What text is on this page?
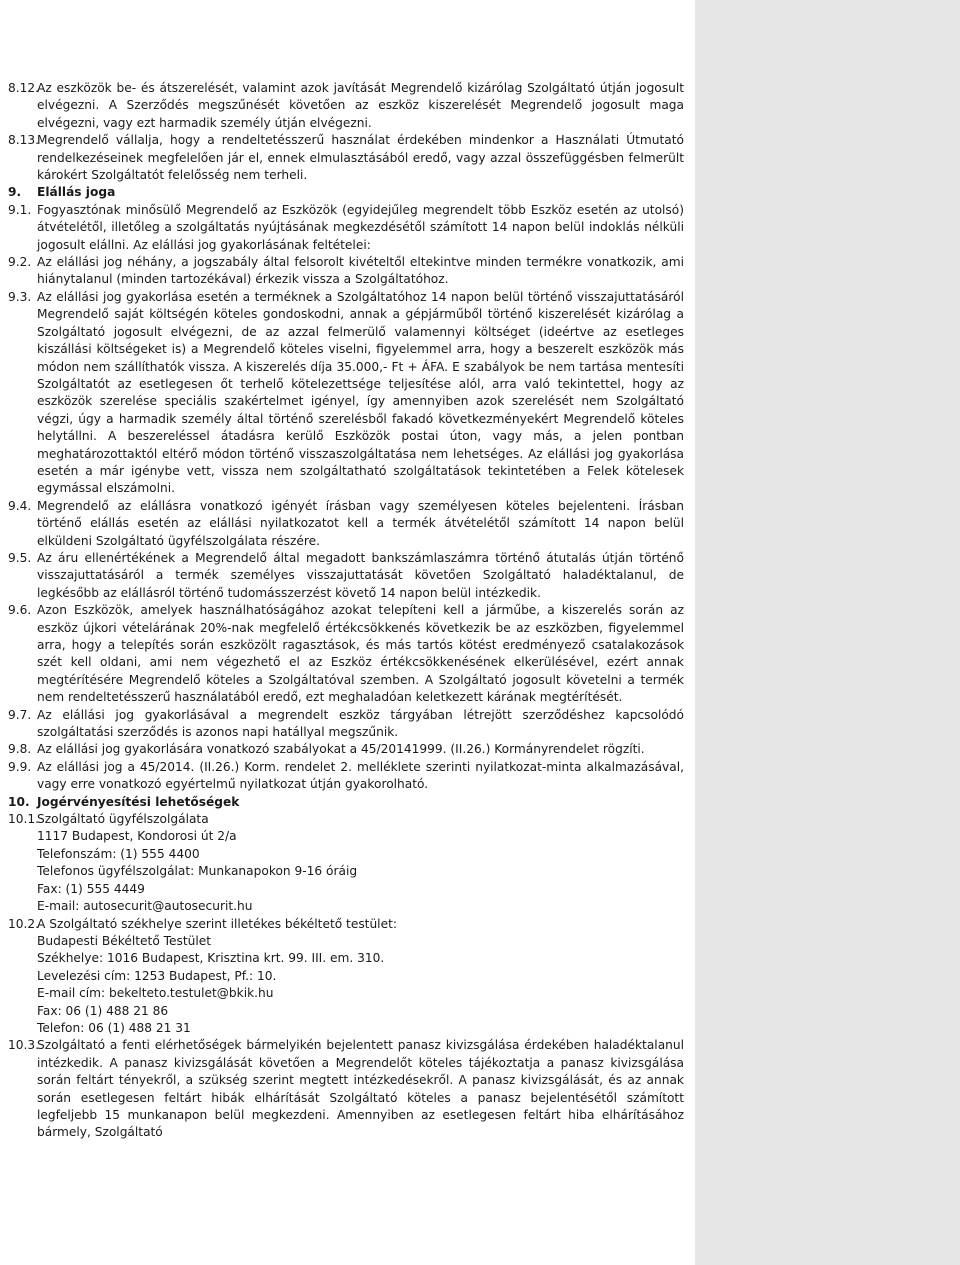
8.12.
Az eszközök be- és átszerelését, valamint azok javítását Megrendelő kizárólag Szolgáltató útján jogosult elvégezni. A Szerződés megszűnését követően az eszköz kiszerelését Megrendelő jogosult maga elvégezni, vagy ezt harmadik személy útján elvégezni.
8.13.
Megrendelő vállalja, hogy a rendeltetésszerű használat érdekében mindenkor a Használati Útmutató rendelkezéseinek megfelelően jár el, ennek elmulasztásából eredő, vagy azzal összefüggésben felmerült károkért Szolgáltatót felelősség nem terheli.
9.	Elállás joga
9.1. Fogyasztónak minősülő Megrendelő az Eszközök (egyidejűleg megrendelt több Eszköz esetén az utolsó) átvételétől, illetőleg a szolgáltatás nyújtásának megkezdésétől számított 14 napon belül indoklás nélküli jogosult elállni. Az elállási jog gyakorlásának feltételei:
9.2. Az elállási jog néhány, a jogszabály által felsorolt kivételtől eltekintve minden termékre vonatkozik, ami hiánytalanul (minden tartozékával) érkezik vissza a Szolgáltatóhoz.
9.3. Az elállási jog gyakorlása esetén a terméknek a Szolgáltatóhoz 14 napon belül történő visszajuttatásáról Megrendelő saját költségén köteles gondoskodni, annak a gépjárműből történő kiszerelését kizárólag a Szolgáltató jogosult elvégezni, de az azzal felmerülő valamennyi költséget (ideértve az esetleges kiszállási költségeket is) a Megrendelő köteles viselni, figyelemmel arra, hogy a beszerelt eszközök más módon nem szállíthatók vissza. A kiszerelés díja 35.000,- Ft + ÁFA. E szabályok be nem tartása mentesíti Szolgáltatót az esetlegesen őt terhelő kötelezettsége teljesítése alól, arra való tekintettel, hogy az eszközök szerelése speciális szakértelmet igényel, így amennyiben azok szerelését nem Szolgáltató végzi, úgy a harmadik személy által történő szerelésből fakadó következményekért Megrendelő köteles helytállni. A beszereléssel átadásra kerülő Eszközök postai úton, vagy más, a jelen pontban meghatározottaktól eltérő módon történő visszaszolgáltatása nem lehetséges. Az elállási jog gyakorlása esetén a már igénybe vett, vissza nem szolgáltatható szolgáltatások tekintetében a Felek kötelesek egymással elszámolni.
9.4. Megrendelő az elállásra vonatkozó igényét írásban vagy személyesen köteles bejelenteni. Írásban történő elállás esetén az elállási nyilatkozatot kell a termék átvételétől számított 14 napon belül elküldeni Szolgáltató ügyfélszolgálata részére.
9.5. Az áru ellenértékének a Megrendelő által megadott bankszámlaszámra történő átutalás útján történő visszajuttatásáról a termék személyes visszajuttatását követően Szolgáltató haladéktalanul, de legkésőbb az elállásról történő tudomásszerzést követő 14 napon belül intézkedik.
9.6. Azon Eszközök, amelyek használhatóságához azokat telepíteni kell a járműbe, a kiszerelés során az eszköz újkori vételárának 20%-nak megfelelő értékcsökkenés következik be az eszközben, figyelemmel arra, hogy a telepítés során eszközölt ragasztások, és más tartós kötést eredményező csatalakozások szét kell oldani, ami nem végezhető el az Eszköz értékcsökkenésének elkerülésével, ezért annak megtérítésére Megrendelő köteles a Szolgáltatóval szemben. A Szolgáltató jogosult követelni a termék nem rendeltetésszerű használatából eredő, ezt meghaladóan keletkezett kárának megtérítését.
9.7. Az elállási jog gyakorlásával a megrendelt eszköz tárgyában létrejött szerződéshez kapcsolódó szolgáltatási szerződés is azonos napi hatállyal megszűnik.
9.8. Az elállási jog gyakorlására vonatkozó szabályokat a 45/20141999. (II.26.) Kormányrendelet rögzíti.
9.9. Az elállási jog a 45/2014. (II.26.) Korm. rendelet 2. melléklete szerinti nyilatkozat-minta alkalmazásával, vagy erre vonatkozó egyértelmű nyilatkozat útján gyakorolható.
10. Jogérvényesítési lehetőségek
10.1.
Szolgáltató ügyfélszolgálata
1117 Budapest, Kondorosi út 2/a
Telefonszám: (1) 555 4400
Telefonos ügyfélszolgálat: Munkanapokon 9-16 óráig
Fax: (1) 555 4449
E-mail: autosecurit@autosecurit.hu
10.2.
A Szolgáltató székhelye szerint illetékes békéltető testület:
Budapesti Békéltető Testület
Székhelye: 1016 Budapest, Krisztina krt. 99. III. em. 310.
Levelezési cím: 1253 Budapest, Pf.: 10.
E-mail cím: bekelteto.testulet@bkik.hu
Fax: 06 (1) 488 21 86
Telefon: 06 (1) 488 21 31
10.3.
Szolgáltató a fenti elérhetőségek bármelyikén bejelentett panasz kivizsgálása érdekében haladéktalanul intézkedik. A panasz kivizsgálását követően a Megrendelőt köteles tájékoztatja a panasz kivizsgálása során feltárt tényekről, a szükség szerint megtett intézkedésekről. A panasz kivizsgálását, és az annak során esetlegesen feltárt hibák elhárítását Szolgáltató köteles a panasz bejelentésétől számított legfeljebb 15 munkanapon belül megkezdeni. Amennyiben az esetlegesen feltárt hiba elhárításához bármely, Szolgáltató
